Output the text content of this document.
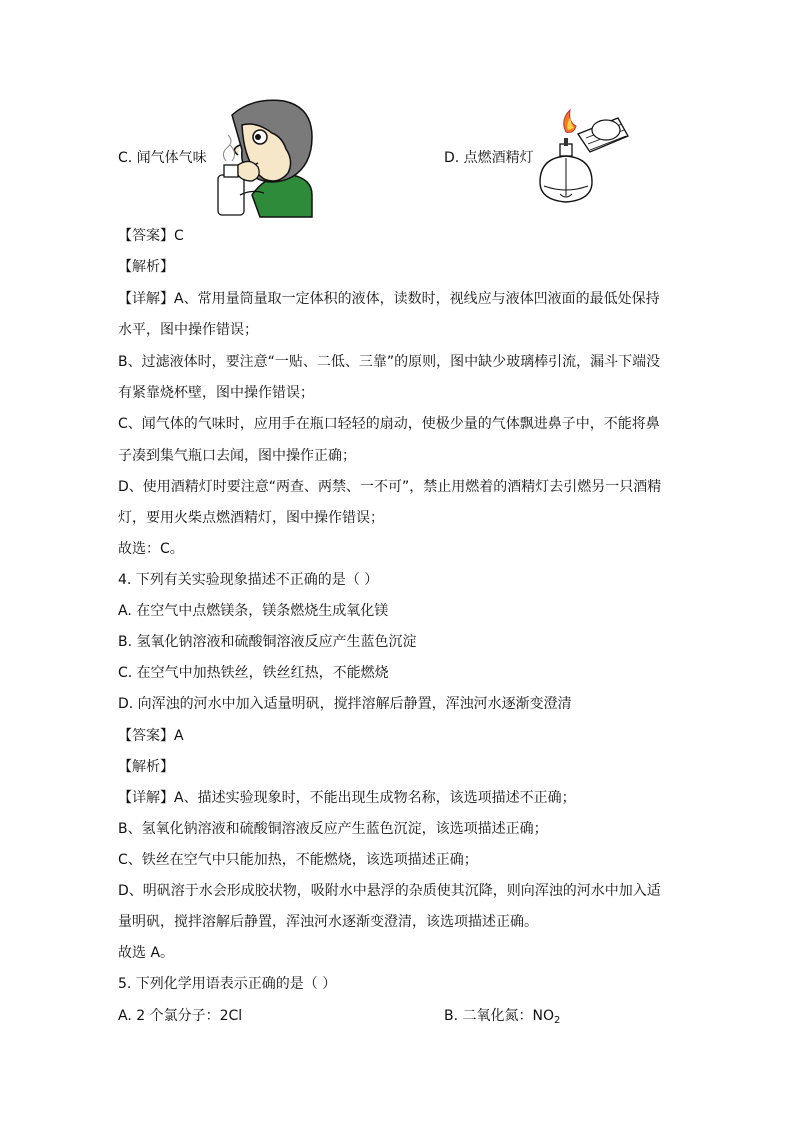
C. 闻气体气味	D. 点燃酒精灯
【答案】C
【解析】
【详解】A、常用量筒量取一定体积的液体，读数时，视线应与液体凹液面的最低处保持
水平，图中操作错误；
B、过滤液体时，要注意“一贴、二低、三靠”的原则，图中缺少玻璃棒引流，漏斗下端没
有紧靠烧杯壁，图中操作错误；
C、闻气体的气味时，应用手在瓶口轻轻的扇动，使极少量的气体飘进鼻子中，不能将鼻
子凑到集气瓶口去闻，图中操作正确；
D、使用酒精灯时要注意“两查、两禁、一不可”，禁止用燃着的酒精灯去引燃另一只酒精
灯，要用火柴点燃酒精灯，图中操作错误；
故选：C。
4. 下列有关实验现象描述不正确的是（ ）
A. 在空气中点燃镁条，镁条燃烧生成氧化镁
B. 氢氧化钠溶液和硫酸铜溶液反应产生蓝色沉淀
C. 在空气中加热铁丝，铁丝红热，不能燃烧
D. 向浑浊的河水中加入适量明矾，搅拌溶解后静置，浑浊河水逐渐变澄清
【答案】A
【解析】
【详解】A、描述实验现象时，不能出现生成物名称，该选项描述不正确；
B、氢氧化钠溶液和硫酸铜溶液反应产生蓝色沉淀，该选项描述正确；
C、铁丝在空气中只能加热，不能燃烧，该选项描述正确；
D、明矾溶于水会形成胶状物，吸附水中悬浮的杂质使其沉降，则向浑浊的河水中加入适
量明矾，搅拌溶解后静置，浑浊河水逐渐变澄清，该选项描述正确。
故选 A。
5. 下列化学用语表示正确的是（ ）
A. 2 个氯分子：2Cl	B. 二氧化氮：$NO_2$
